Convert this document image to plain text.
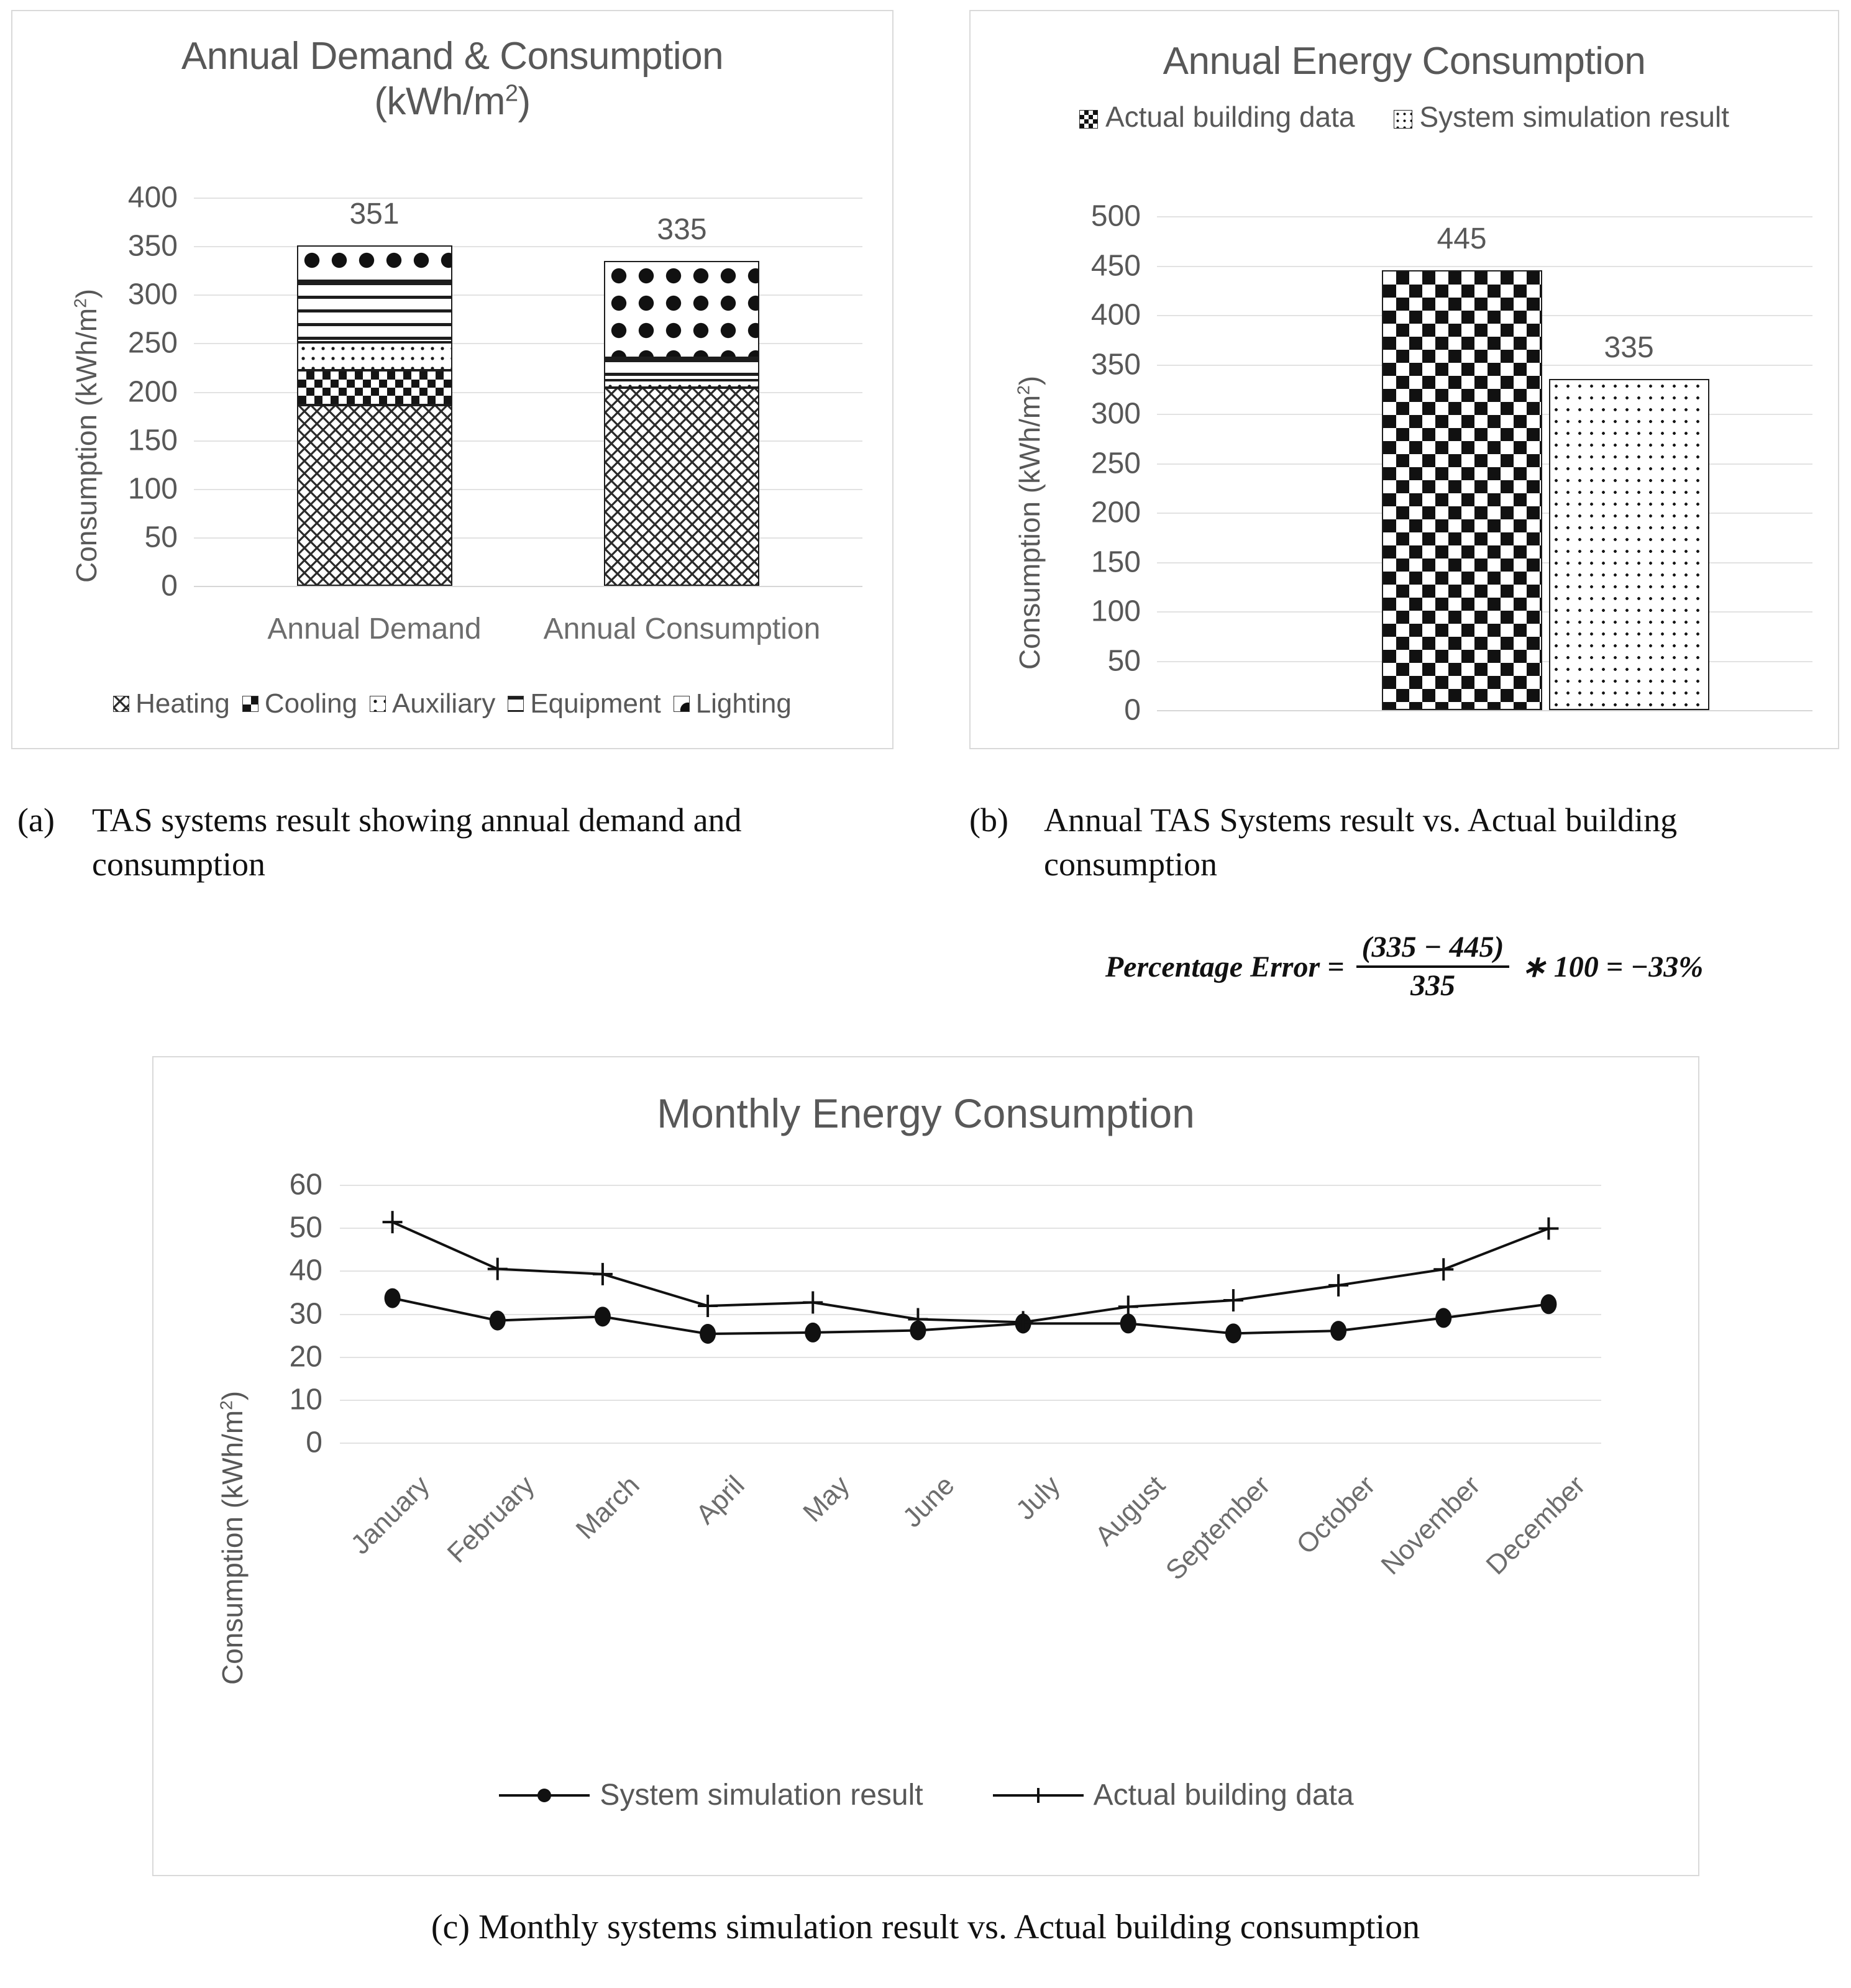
Annual Demand & Consumption
$(kWh/m^2)$
Consumption $(kWh/m^2)$
0
50
100
150
200
250
300
350
400	351
Annual Demand
335
Annual Consumption
Heating Cooling Auxiliary Equipment Lighting
Annual Energy Consumption
Actual building data	System simulation result
Consumption $(kWh/m^2)$
0
50
100
150
200
250
300
350
400
450
500
445
335
(a) TAS systems result showing annual demand and consumption
(b) Annual TAS Systems result vs. Actual building consumption
Percentage Error = $\frac{(335 - 445)}{335}$ ∗ 100 = −33%
Monthly Energy Consumption
Consumption $(kWh/m^2)$
0
10
20
30
40
50
60
January February	March	April	May	June	July August
September October
November
December
System simulation result	Actual building data
(c) Monthly systems simulation result vs. Actual building consumption
